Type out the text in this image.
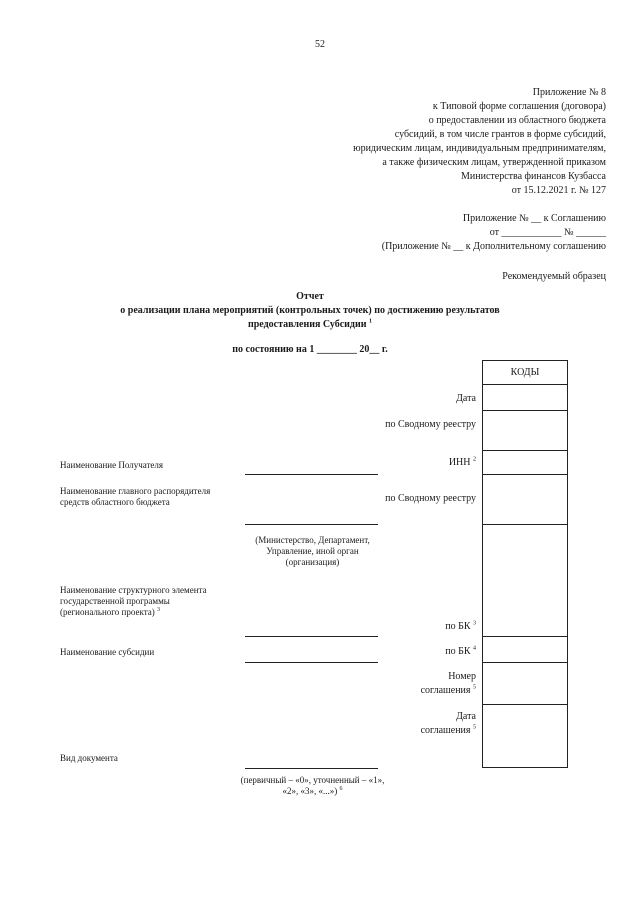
52
Приложение № 8
к Типовой форме соглашения (договора)
о предоставлении из областного бюджета
субсидий, в том числе грантов в форме субсидий,
юридическим лицам, индивидуальным предпринимателям,
а также физическим лицам, утвержденной приказом
Министерства финансов Кузбасса
от 15.12.2021 г. № 127
Приложение № __ к Соглашению
от ____________ № ______
(Приложение № __ к Дополнительному соглашению
Рекомендуемый образец
Отчет
о реализации плана мероприятий (контрольных точек) по достижению результатов
предоставления Субсидии $^1$
по состоянию на 1 ________ 20__ г.
КОДЫ
Дата
по Сводному реестру
ИНН $^2$
по Сводному реестру
по БК $^3$
по БК $^4$
Номер соглашения $^5$
Дата соглашения $^5$
Наименование Получателя
Наименование главного распорядителя средств областного бюджета
(Министерство, Департамент, Управление, иной орган (организация)
Наименование структурного элемента государственной программы (регионального проекта) $^3$
Наименование субсидии
Вид документа
(первичный – «0», уточненный – «1», «2», «3», «...») $^6$
